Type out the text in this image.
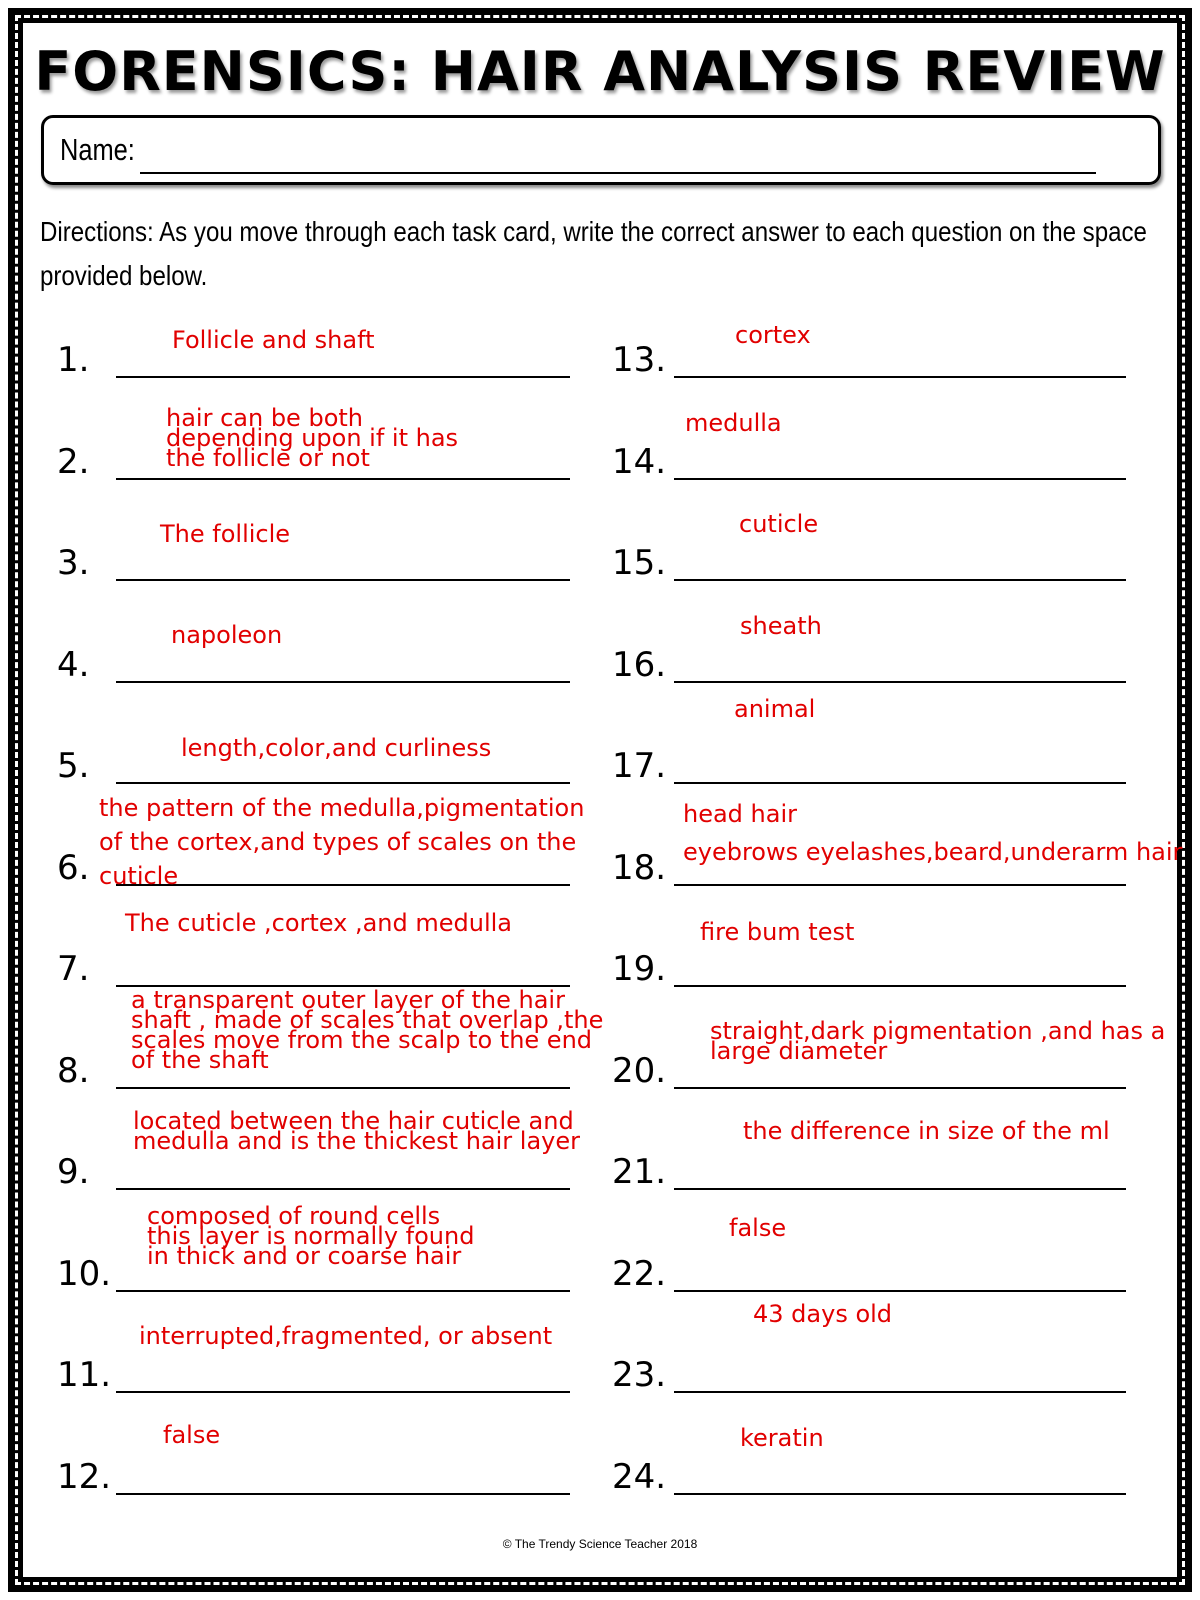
FORENSICS: HAIR ANALYSIS REVIEW
Name:
Directions: As you move through each task card, write the correct answer to each question on the space provided below.
1.	Follicle and shaft
2.
hair can be both
depending upon if it has
the follicle or not
3.
The follicle
4.
napoleon
5.	length,color,and curliness
6.
the pattern of the medulla,pigmentation
of the cortex,and types of scales on the
cuticle
7.
The cuticle ,cortex ,and medulla
8.
a transparent outer layer of the hair
shaft , made of scales that overlap ,the
scales move from the scalp to the end
of the shaft
9.
located between the hair cuticle and
medulla and is the thickest hair layer
10.
composed of round cells
this layer is normally found
in thick and or coarse hair
11.
interrupted,fragmented, or absent
12.
false
13.
cortex
14.
medulla
15.
cuticle
16.
sheath
17.
animal
18.
head hair
eyebrows eyelashes,beard,underarm hair
19.
fire bum test
20.
straight,dark pigmentation ,and has a
large diameter
21.
the difference in size of the ml
22.
false
23.
43 days old
24.
keratin
© The Trendy Science Teacher 2018
